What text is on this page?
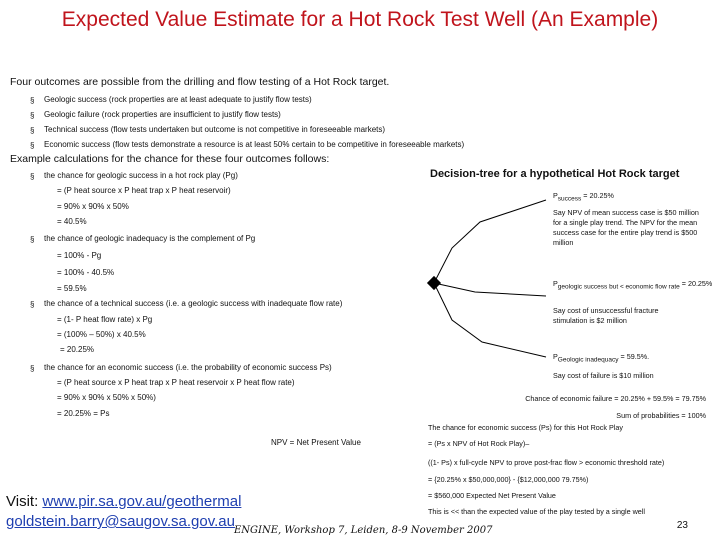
Expected Value Estimate for a Hot Rock Test Well (An Example)
Four outcomes are possible from the drilling and flow testing of a Hot Rock target.
§ Geologic success (rock properties are at least adequate to justify flow tests)
§ Geologic failure (rock properties are insufficient to justify flow tests)
§ Technical success (flow tests undertaken but outcome is not competitive in foreseeable markets)
§ Economic success (flow tests demonstrate a resource is at least 50% certain to be competitive in foreseeable markets)
Example calculations for the chance for these four outcomes follows:
§ the chance for geologic success in a hot rock play (Pg)
= (P heat source x P heat trap x P heat reservoir)
= 90% x 90% x 50%
= 40.5%
§ the chance of geologic inadequacy is the complement of Pg
= 100% - Pg
= 100% - 40.5%
= 59.5%
§ the chance of a technical success (i.e. a geologic success with inadequate flow rate)
= (1- P heat flow rate) x Pg
= (100% – 50%) x 40.5%
= 20.25%
§ the chance for an economic success (i.e. the probability of economic success Ps)
= (P heat source x P heat trap x P heat reservoir x P heat flow rate)
= 90% x 90% x 50% x 50%)
= 20.25% = Ps
Decision-tree for a hypothetical Hot Rock target
$P_{success} = 20.25\%$
Say NPV of mean success case is $50 million for a single play trend. The NPV for the mean success case for the entire play trend is $500 million
$P_{geologic success but < economic flow rate} = 20.25\%$
Say cost of unsuccessful fracture stimulation is $2 million
$P_{Geologic inadequacy} = 59.5\%$.
Say cost of failure is $10 million
Chance of economic failure = 20.25% + 59.5% = 79.75%
Sum of probabilities = 100%
NPV = Net Present Value
The chance for economic success (Ps) for this Hot Rock Play
= (Ps x NPV of Hot Rock Play)–
((1- Ps) x full-cycle NPV to prove post-frac flow > economic threshold rate)
= {20.25% x $50,000,000} - {$12,000,000 79.75%)
= $560,000 Expected Net Present Value
This is << than the expected value of the play tested by a single well
Visit: www.pir.sa.gov.au/geothermal
goldstein.barry@saugov.sa.gov.au
ENGINE, Workshop 7, Leiden, 8-9 November 2007	23
